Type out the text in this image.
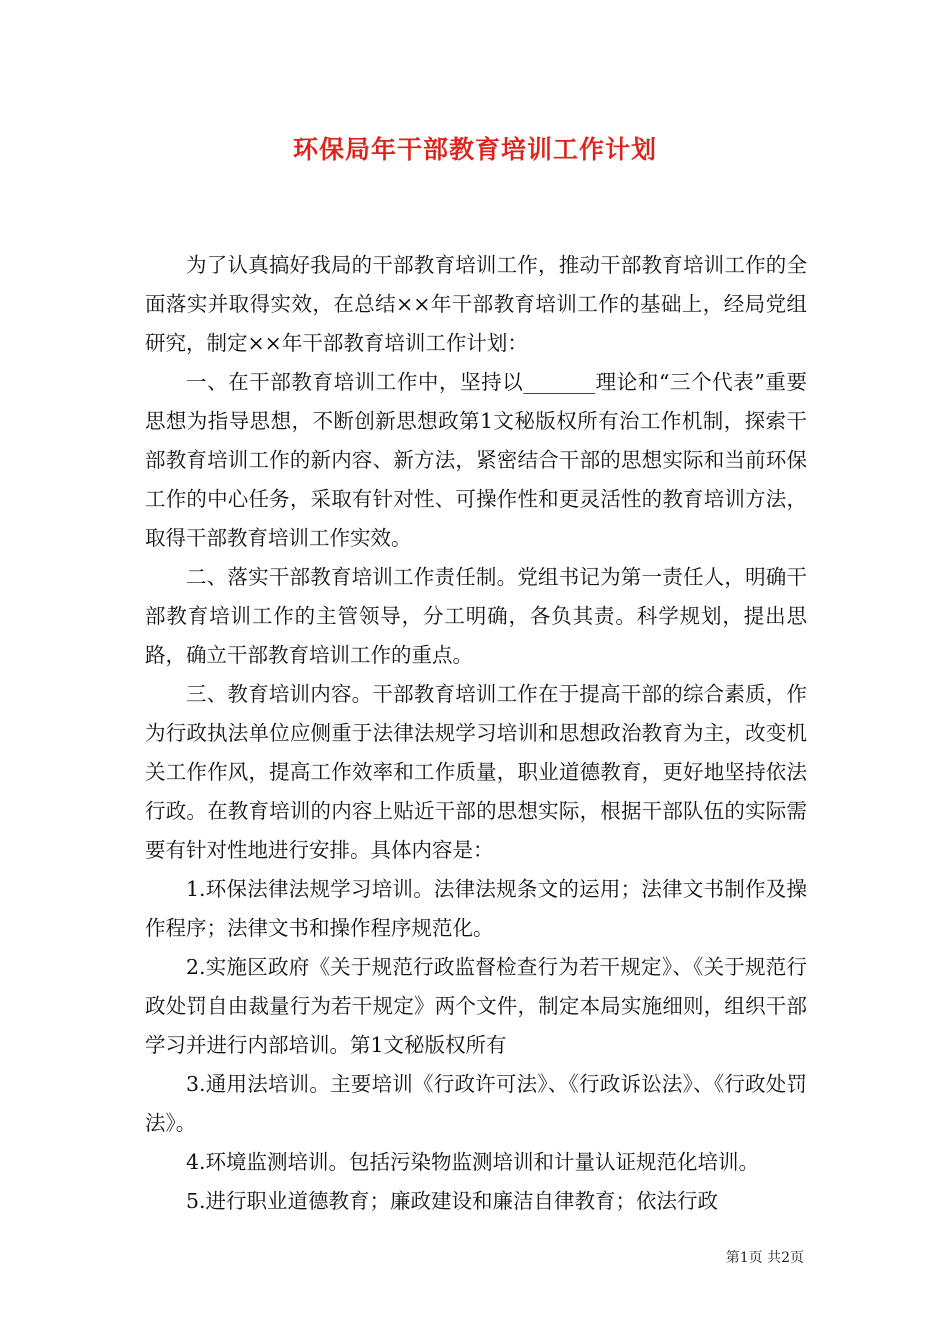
环保局年干部教育培训工作计划

为了认真搞好我局的干部教育培训工作，推动干部教育培训工作的全面落实并取得实效，在总结××年干部教育培训工作的基础上，经局党组研究，制定××年干部教育培训工作计划：

一、在干部教育培训工作中，坚持以_______理论和“三个代表”重要思想为指导思想，不断创新思想政第1文秘版权所有治工作机制，探索干部教育培训工作的新内容、新方法，紧密结合干部的思想实际和当前环保工作的中心任务，采取有针对性、可操作性和更灵活性的教育培训方法，取得干部教育培训工作实效。

二、落实干部教育培训工作责任制。党组书记为第一责任人，明确干部教育培训工作的主管领导，分工明确，各负其责。科学规划，提出思路，确立干部教育培训工作的重点。

三、教育培训内容。干部教育培训工作在于提高干部的综合素质，作为行政执法单位应侧重于法律法规学习培训和思想政治教育为主，改变机关工作作风，提高工作效率和工作质量，职业道德教育，更好地坚持依法行政。在教育培训的内容上贴近干部的思想实际，根据干部队伍的实际需要有针对性地进行安排。具体内容是：

1.环保法律法规学习培训。法律法规条文的运用；法律文书制作及操作程序；法律文书和操作程序规范化。

2.实施区政府《关于规范行政监督检查行为若干规定》、《关于规范行政处罚自由裁量行为若干规定》两个文件，制定本局实施细则，组织干部学习并进行内部培训。第1文秘版权所有

3.通用法培训。主要培训《行政许可法》、《行政诉讼法》、《行政处罚法》。

4.环境监测培训。包括污染物监测培训和计量认证规范化培训。

5.进行职业道德教育；廉政建设和廉洁自律教育；依法行政

第1页 共2页
